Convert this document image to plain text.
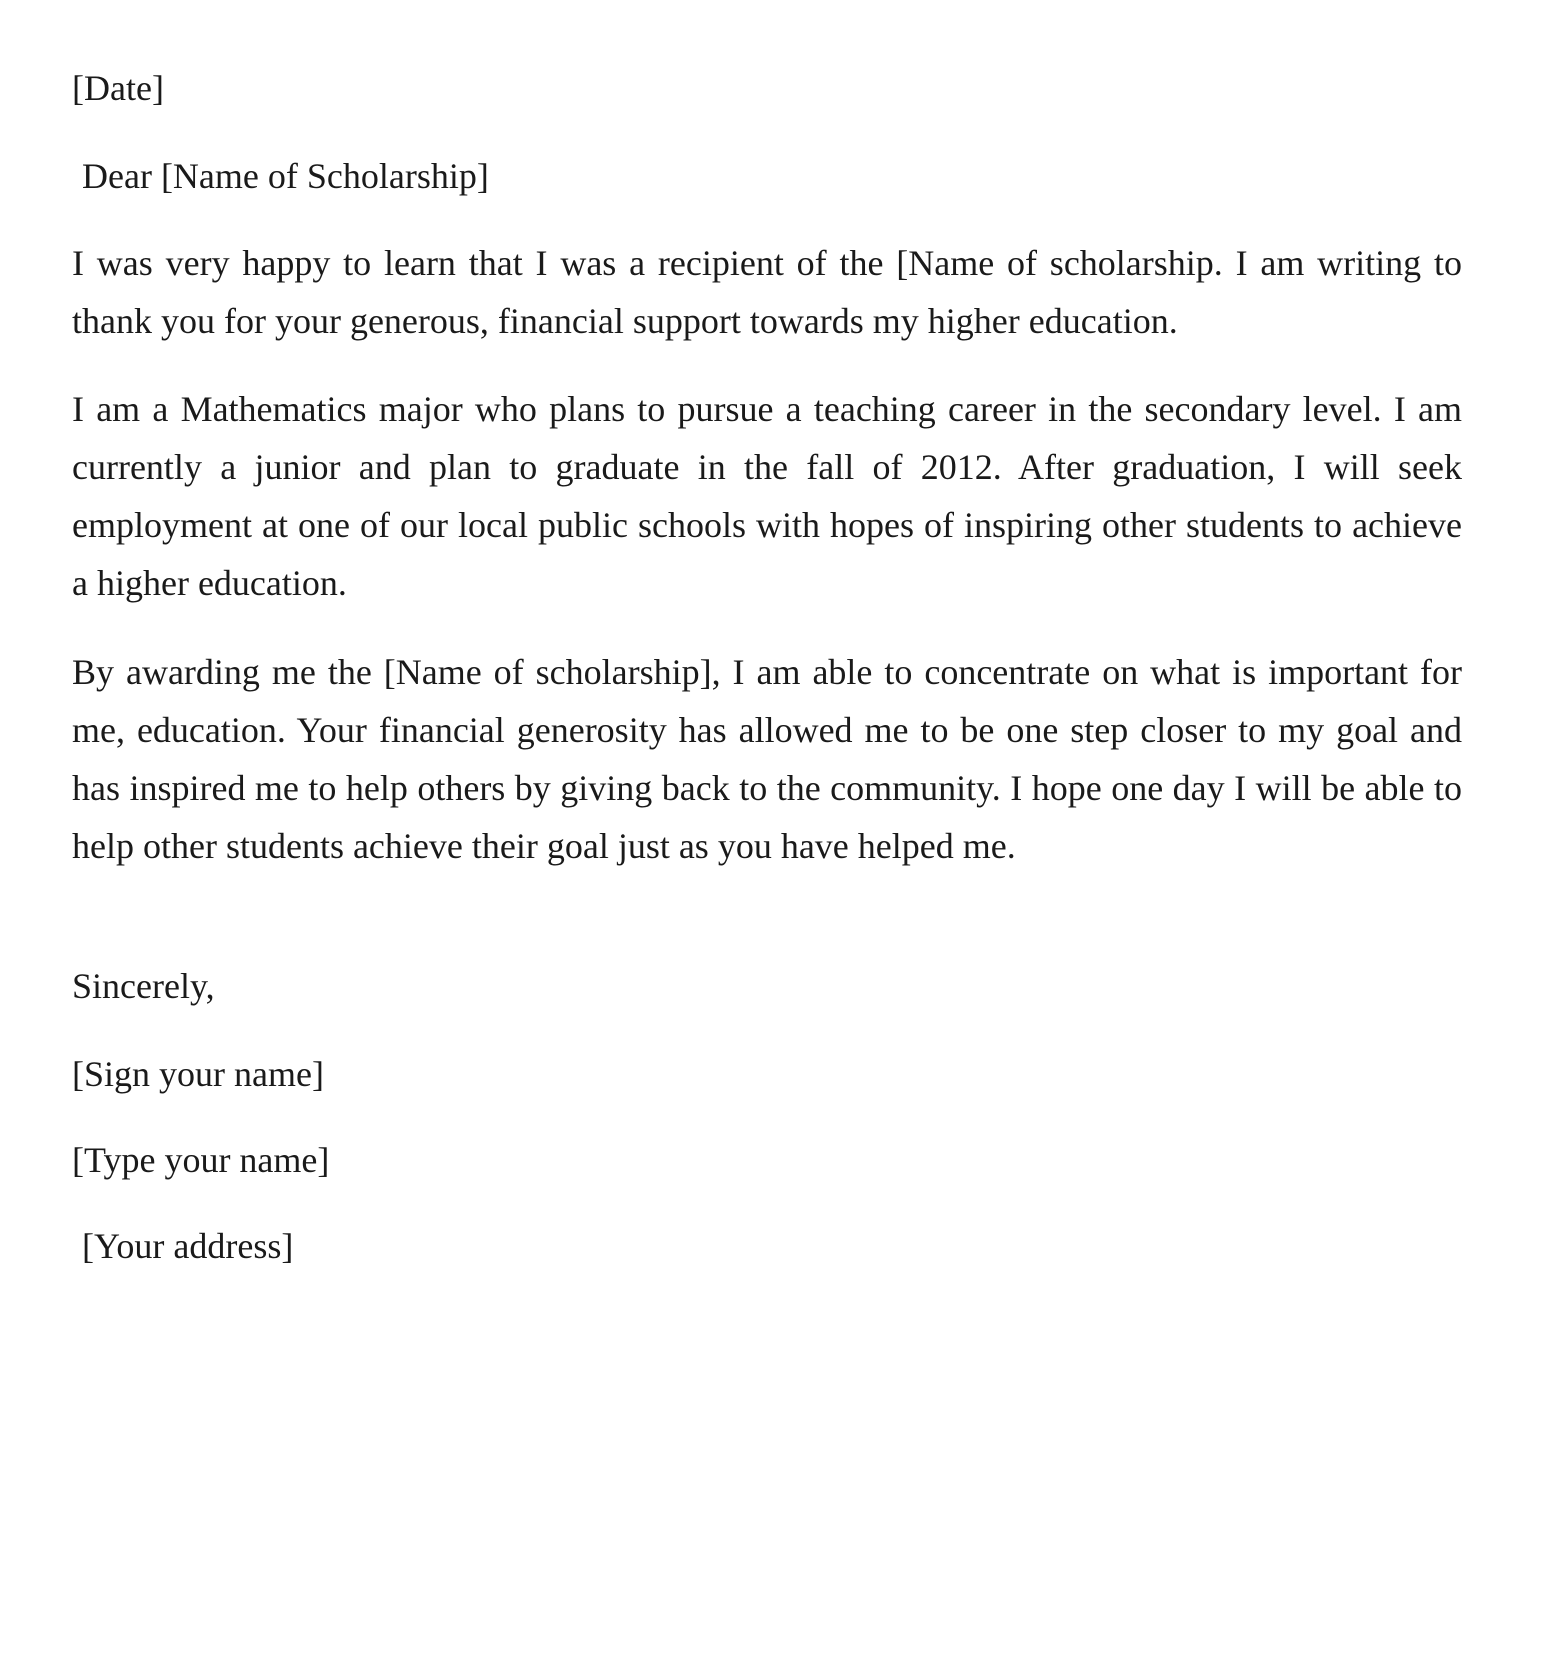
[Date]
Dear [Name of Scholarship]

I was very happy to learn that I was a recipient of the [Name of scholarship. I am writing to thank you for your generous, financial support towards my higher education.

I am a Mathematics major who plans to pursue a teaching career in the secondary level. I am currently a junior and plan to graduate in the fall of 2012. After graduation, I will seek employment at one of our local public schools with hopes of inspiring other students to achieve a higher education.

By awarding me the [Name of scholarship], I am able to concentrate on what is important for me, education. Your financial generosity has allowed me to be one step closer to my goal and has inspired me to help others by giving back to the community. I hope one day I will be able to help other students achieve their goal just as you have helped me.

Sincerely,
[Sign your name]
[Type your name]
[Your address]
